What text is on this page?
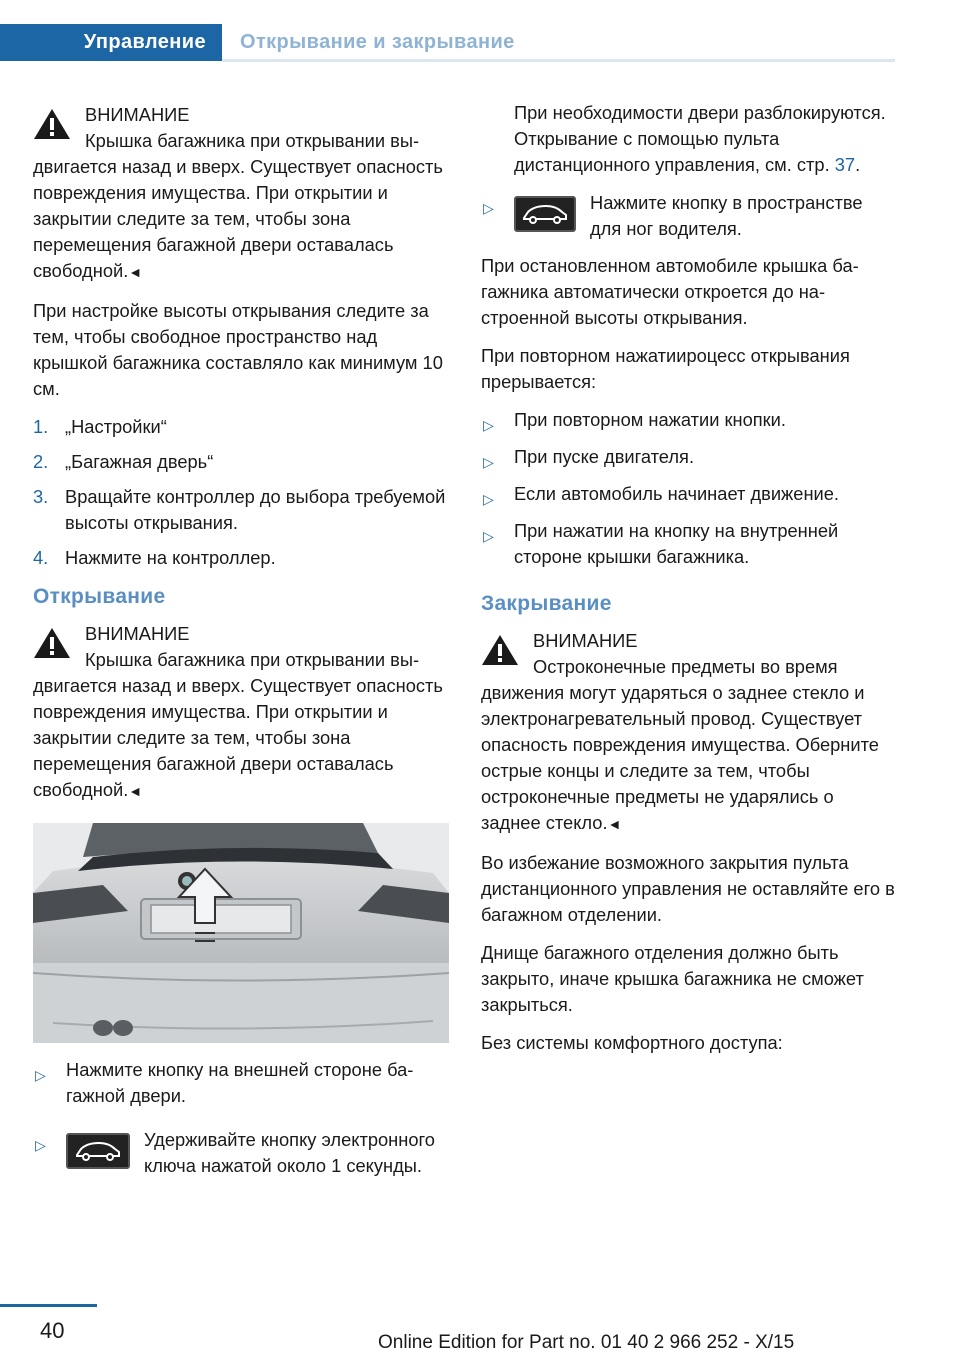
Управление	Открывание и закрывание
ВНИМАНИЕ
Крышка багажника при открывании выдвигается назад и вверх. Существует опасность повреждения имущества. При открытии и закрытии следите за тем, чтобы зона перемещения багажной двери оставалась свободной.◄

При настройке высоты открывания следите за тем, чтобы свободное пространство над крышкой багажника составляло как минимум 10 см.

1. „Настройки“
2. „Багажная дверь“
3. Вращайте контроллер до выбора требуемой высоты открывания.
4. Нажмите на контроллер.
Открывание
ВНИМАНИЕ
Крышка багажника при открывании выдвигается назад и вверх. Существует опасность повреждения имущества. При открытии и закрытии следите за тем, чтобы зона перемещения багажной двери оставалась свободной.◄
▷ Нажмите кнопку на внешней стороне багажной двери.
▷	Удерживайте кнопку электронного ключа нажатой около 1 секунды.

При необходимости двери разблокируются. Открывание с помощью пульта дистанционного управления, см. стр. 37.

▷	Нажмите кнопку в пространстве для ног водителя.

При остановленном автомобиле крышка багажника автоматически откроется до настроенной высоты открывания.

При повторном нажатиироцесс открывания прерывается:

▷ При повторном нажатии кнопки.
▷ При пуске двигателя.
▷ Если автомобиль начинает движение.
▷ При нажатии на кнопку на внутренней стороне крышки багажника.
Закрывание
ВНИМАНИЕ
Остроконечные предметы во время движения могут ударяться о заднее стекло и электронагревательный провод. Существует опасность повреждения имущества. Оберните острые концы и следите за тем, чтобы остроконечные предметы не ударялись о заднее стекло.◄

Во избежание возможного закрытия пульта дистанционного управления не оставляйте его в багажном отделении.

Днище багажного отделения должно быть закрыто, иначе крышка багажника не сможет закрыться.

Без системы комфортного доступа:

40	Online Edition for Part no. 01 40 2 966 252 - X/15
